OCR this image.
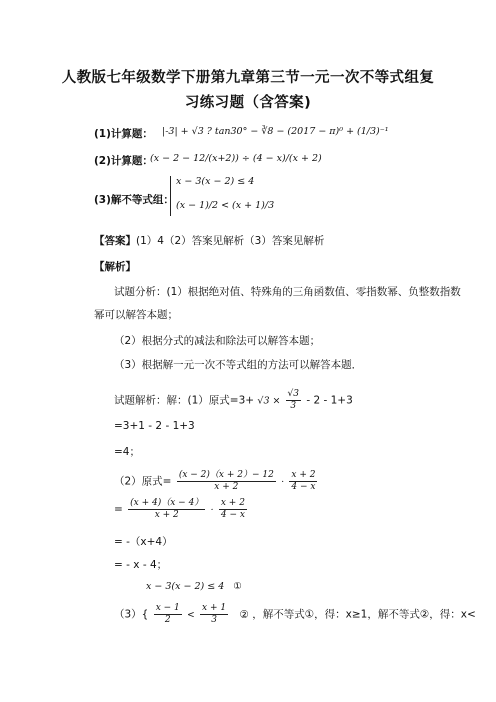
人教版七年级数学下册第九章第三节一元一次不等式组复
习练习题（含答案)
(1)计算题： |-3| + √3 ? tan30° − ∛8 − (2017 − π)⁰ + (1/3)⁻¹
(2)计算题：
(x − 2 − 12/(x+2)) ÷ (4 − x)/(x + 2)
(3)解不等式组：
x − 3(x − 2) ≤ 4
(x − 1)/2 < (x + 1)/3
【答案】(1）4（2）答案见解析（3）答案见解析
【解析】
试题分析：(1）根据绝对值、特殊角的三角函数值、零指数幂、负整数指数
幂可以解答本题；
（2）根据分式的减法和除法可以解答本题；
（3）根据解一元一次不等式组的方法可以解答本题．
试题解析：解：(1）原式$=3+ √3 \times \frac{√3}{3} - 2 - 1+3$
=3+1 - 2 - 1+3
=4；
（2）原式= $\frac{(x - 2)(x + 2)- 12}{x + 2} \cdot \frac{x + 2}{4 - x}$
= $\frac{(x + 4)(x - 4)}{x + 2} \cdot \frac{x + 2}{4 - x}$
= -（x+4）
= - x - 4；
x − 3(x − 2) ≤ 4 ①
$(3)\{ \frac{x - 1}{2} < \frac{x + 1}{3}$ ② ，解不等式①，得：x≥1，解不等式②，得：x<
